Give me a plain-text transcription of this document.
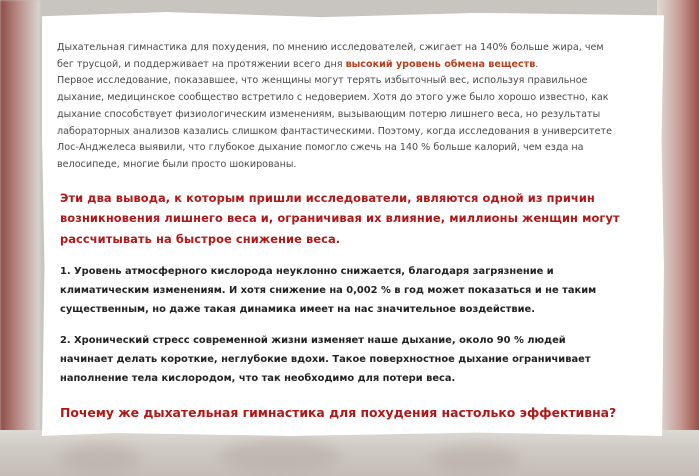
Дыхательная гимнастика для похудения, по мнению исследователей, сжигает на 140% больше жира, чем бег трусцой, и поддерживает на протяжении всего дня высокий уровень обмена веществ.
Первое исследование, показавшее, что женщины могут терять избыточный вес, используя правильное дыхание, медицинское сообщество встретило с недоверием. Хотя до этого уже было хорошо известно, как дыхание способствует физиологическим изменениям, вызывающим потерю лишнего веса, но результаты лабораторных анализов казались слишком фантастическими. Поэтому, когда исследования в университете Лос-Анджелеса выявили, что глубокое дыхание помогло сжечь на 140 % больше калорий, чем езда на велосипеде, многие были просто шокированы.

Эти два вывода, к которым пришли исследователи, являются одной из причин возникновения лишнего веса и, ограничивая их влияние, миллионы женщин могут рассчитывать на быстрое снижение веса.

1. Уровень атмосферного кислорода неуклонно снижается, благодаря загрязнение и климатическим изменениям. И хотя снижение на 0,002 % в год может показаться и не таким существенным, но даже такая динамика имеет на нас значительное воздействие.

2. Хронический стресс современной жизни изменяет наше дыхание, около 90 % людей начинает делать короткие, неглубокие вдохи. Такое поверхностное дыхание ограничивает наполнение тела кислородом, что так необходимо для потери веса.

Почему же дыхательная гимнастика для похудения настолько эффективна?
